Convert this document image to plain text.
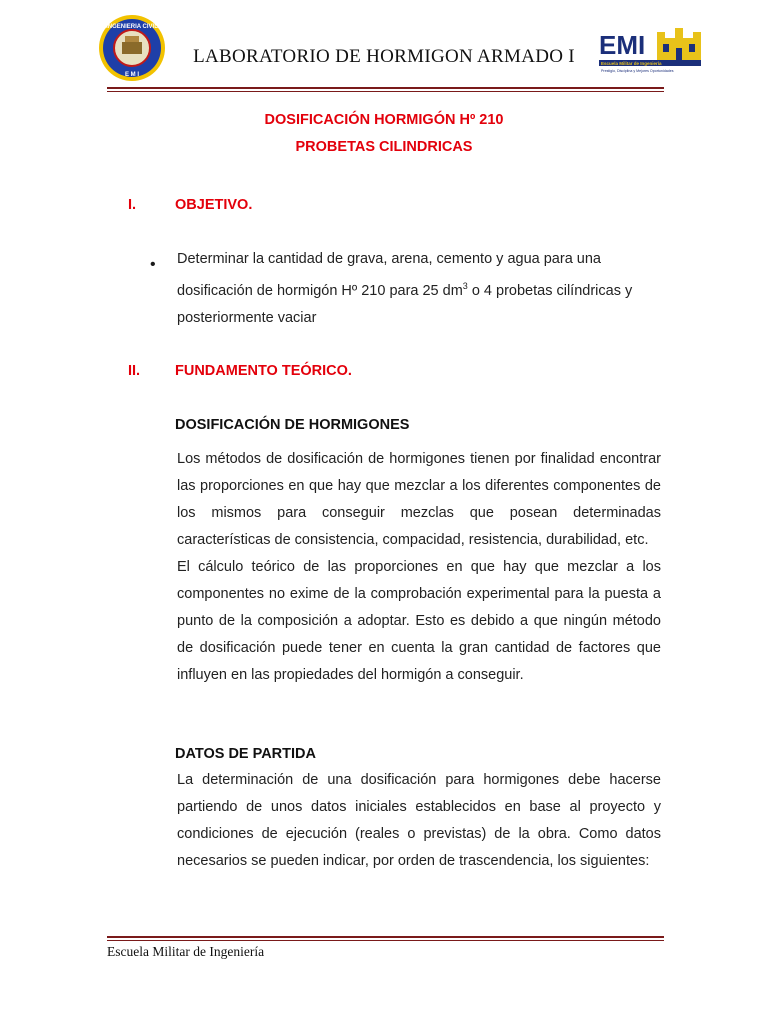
INGENIERIA CIVIL
E M I
LABORATORIO DE HORMIGON ARMADO I EMI
Escuela Militar de Ingeniería
Prestigio, Disciplina y Mejores Oportunidades
DOSIFICACIÓN HORMIGÓN Hº 210
PROBETAS CILINDRICAS
I.	OBJETIVO.
• Determinar la cantidad de grava, arena, cemento y agua para una

dosificación de hormigón Hº 210 para 25 $dm^3$ o 4 probetas cilíndricas y

posteriormente vaciar

II. FUNDAMENTO TEÓRICO.
DOSIFICACIÓN DE HORMIGONES

Los métodos de dosificación de hormigones tienen por finalidad encontrar las proporciones en que hay que mezclar a los diferentes componentes de los mismos para conseguir mezclas que posean determinadas características de consistencia, compacidad, resistencia, durabilidad, etc.

El cálculo teórico de las proporciones en que hay que mezclar a los componentes no exime de la comprobación experimental para la puesta a punto de la composición a adoptar. Esto es debido a que ningún método de dosificación puede tener en cuenta la gran cantidad de factores que influyen en las propiedades del hormigón a conseguir.

DATOS DE PARTIDA

La determinación de una dosificación para hormigones debe hacerse partiendo de unos datos iniciales establecidos en base al proyecto y condiciones de ejecución (reales o previstas) de la obra. Como datos necesarios se pueden indicar, por orden de trascendencia, los siguientes:

Escuela Militar de Ingeniería
